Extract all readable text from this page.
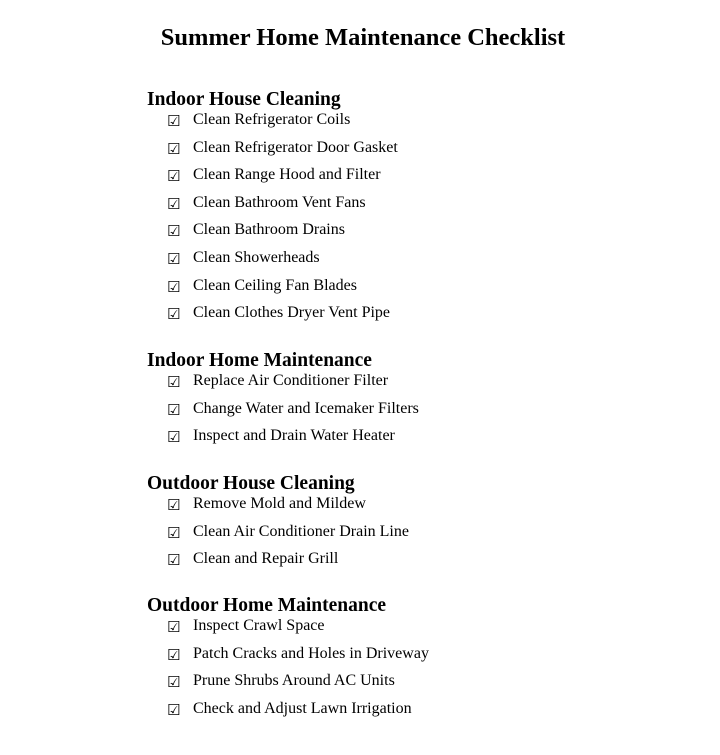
Summer Home Maintenance Checklist
Indoor House Cleaning
☑ Clean Refrigerator Coils
☑ Clean Refrigerator Door Gasket
☑ Clean Range Hood and Filter
☑ Clean Bathroom Vent Fans
☑ Clean Bathroom Drains
☑ Clean Showerheads
☑ Clean Ceiling Fan Blades
☑ Clean Clothes Dryer Vent Pipe
Indoor Home Maintenance
☑ Replace Air Conditioner Filter
☑ Change Water and Icemaker Filters
☑ Inspect and Drain Water Heater
Outdoor House Cleaning
☑ Remove Mold and Mildew
☑ Clean Air Conditioner Drain Line
☑ Clean and Repair Grill
Outdoor Home Maintenance
☑ Inspect Crawl Space
☑ Patch Cracks and Holes in Driveway
☑ Prune Shrubs Around AC Units
☑ Check and Adjust Lawn Irrigation
